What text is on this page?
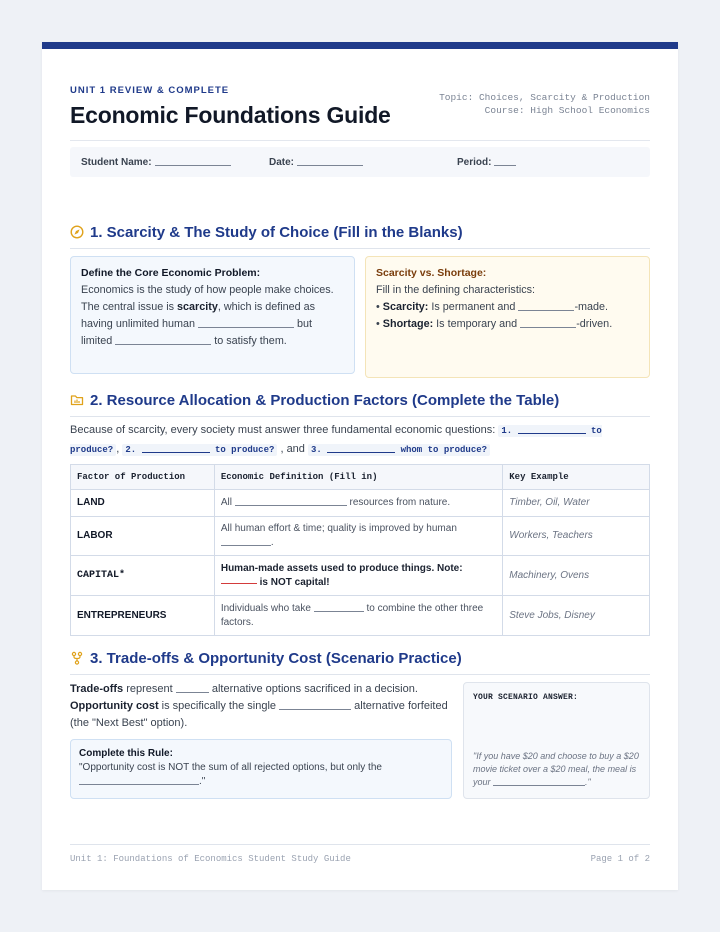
UNIT 1 REVIEW & COMPLETE
Economic Foundations Guide
Topic: Choices, Scarcity & Production
Course: High School Economics
Student Name:	Date:	Period:
1. Scarcity & The Study of Choice (Fill in the Blanks)
Define the Core Economic Problem:
Economics is the study of how people make choices. The central issue is scarcity, which is defined as having unlimited human	but limited	to satisfy them.
Scarcity vs. Shortage:
Fill in the defining characteristics:
• Scarcity: Is permanent and	-made.
• Shortage: Is temporary and	-driven.
2. Resource Allocation & Production Factors (Complete the Table)
Because of scarcity, every society must answer three fundamental economic questions: 1.	to produce? , 2.	to produce? , and 3.	whom to produce?
Factor of Production	Economic Definition (Fill in)	Key Example
LAND	All resources from nature.	Timber, Oil, Water
LABOR	All human effort & time; quality is improved by human .	Workers, Teachers
CAPITAL*	Human-made assets used to produce things. Note:  is NOT capital!	Machinery, Ovens
ENTREPRENEURS	Individuals who take to combine the other three factors.	Steve Jobs, Disney
3. Trade-offs & Opportunity Cost (Scenario Practice)
Trade-offs represent	alternative options sacrificed in a decision.
Opportunity cost is specifically the single	alternative forfeited (the "Next Best" option).
Complete this Rule:
"Opportunity cost is NOT the sum of all rejected options, but only the
."
YOUR SCENARIO ANSWER:
"If you have $20 and choose to buy a $20 movie ticket over a $20 meal, the meal is your	."
Unit 1: Foundations of Economics Student Study Guide	Page 1 of 2
